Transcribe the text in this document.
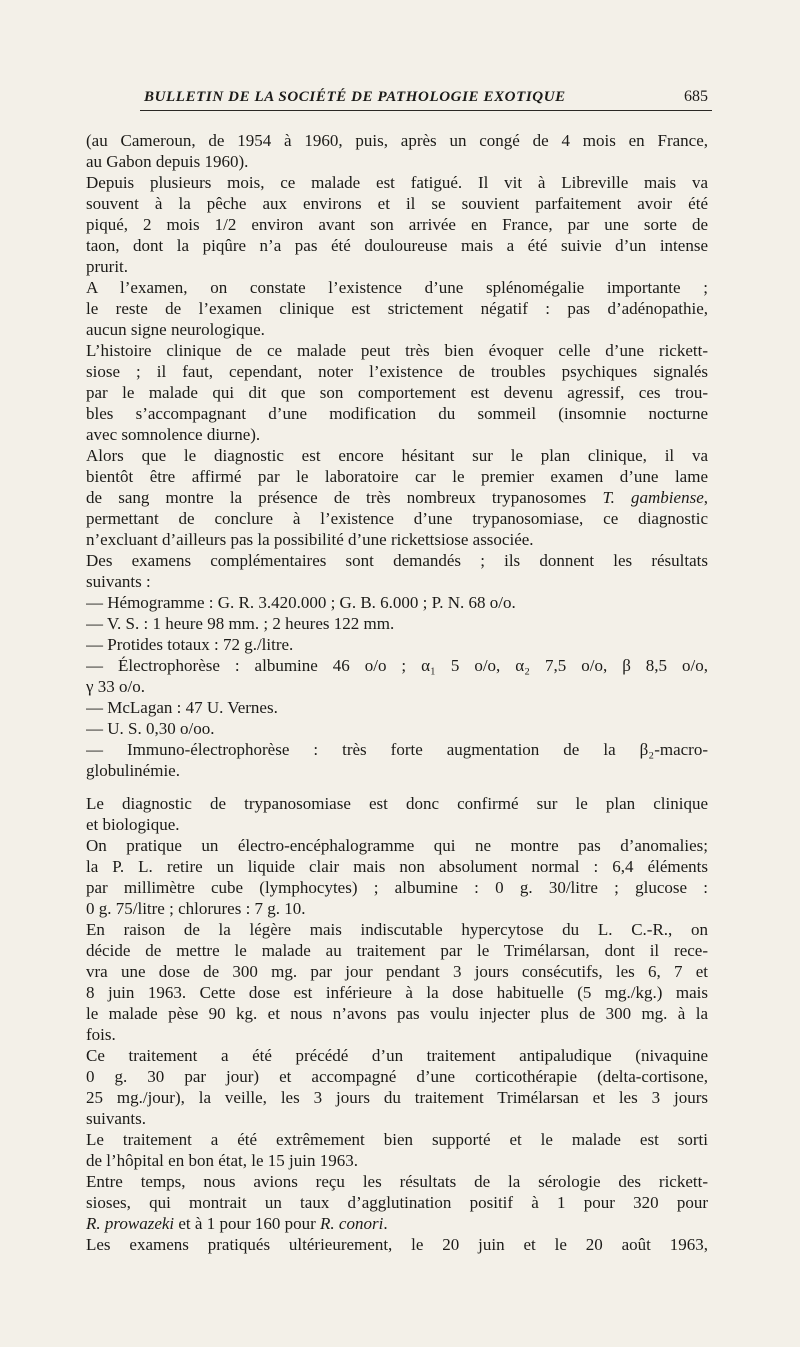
BULLETIN DE LA SOCIÉTÉ DE PATHOLOGIE EXOTIQUE	685
(au Cameroun, de 1954 à 1960, puis, après un congé de 4 mois en France,
au Gabon depuis 1960).
Depuis plusieurs mois, ce malade est fatigué. Il vit à Libreville mais va
souvent à la pêche aux environs et il se souvient parfaitement avoir été
piqué, 2 mois 1/2 environ avant son arrivée en France, par une sorte de
taon, dont la piqûre n’a pas été douloureuse mais a été suivie d’un intense
prurit.
A l’examen, on constate l’existence d’une splénomégalie importante ;
le reste de l’examen clinique est strictement négatif : pas d’adénopathie,
aucun signe neurologique.
L’histoire clinique de ce malade peut très bien évoquer celle d’une rickett-
siose ; il faut, cependant, noter l’existence de troubles psychiques signalés
par le malade qui dit que son comportement est devenu agressif, ces trou-
bles s’accompagnant d’une modification du sommeil (insomnie nocturne
avec somnolence diurne).
Alors que le diagnostic est encore hésitant sur le plan clinique, il va
bientôt être affirmé par le laboratoire car le premier examen d’une lame
de sang montre la présence de très nombreux trypanosomes T. gambiense,
permettant de conclure à l’existence d’une trypanosomiase, ce diagnostic
n’excluant d’ailleurs pas la possibilité d’une rickettsiose associée.
Des examens complémentaires sont demandés ; ils donnent les résultats
suivants :
— Hémogramme : G. R. 3.420.000 ; G. B. 6.000 ; P. N. 68 o/o.
— V. S. : 1 heure 98 mm. ; 2 heures 122 mm.
— Protides totaux : 72 g./litre.
— Électrophorèse : albumine 46 o/o ; α₁ 5 o/o, α₂ 7,5 o/o, β 8,5 o/o,
γ 33 o/o.
— McLagan : 47 U. Vernes.
— U. S. 0,30 o/oo.
— Immuno-électrophorèse : très forte augmentation de la β₂-macro-
globulinémie.
Le diagnostic de trypanosomiase est donc confirmé sur le plan clinique
et biologique.
On pratique un électro-encéphalogramme qui ne montre pas d’anomalies;
la P. L. retire un liquide clair mais non absolument normal : 6,4 éléments
par millimètre cube (lymphocytes) ; albumine : 0 g. 30/litre ; glucose :
0 g. 75/litre ; chlorures : 7 g. 10.
En raison de la légère mais indiscutable hypercytose du L. C.-R., on
décide de mettre le malade au traitement par le Trimélarsan, dont il rece-
vra une dose de 300 mg. par jour pendant 3 jours consécutifs, les 6, 7 et
8 juin 1963. Cette dose est inférieure à la dose habituelle (5 mg./kg.) mais
le malade pèse 90 kg. et nous n’avons pas voulu injecter plus de 300 mg. à la
fois.
Ce traitement a été précédé d’un traitement antipaludique (nivaquine
0 g. 30 par jour) et accompagné d’une corticothérapie (delta-cortisone,
25 mg./jour), la veille, les 3 jours du traitement Trimélarsan et les 3 jours
suivants.
Le traitement a été extrêmement bien supporté et le malade est sorti
de l’hôpital en bon état, le 15 juin 1963.
Entre temps, nous avions reçu les résultats de la sérologie des rickett-
sioses, qui montrait un taux d’agglutination positif à 1 pour 320 pour
R. prowazeki et à 1 pour 160 pour R. conori.
Les examens pratiqués ultérieurement, le 20 juin et le 20 août 1963,
